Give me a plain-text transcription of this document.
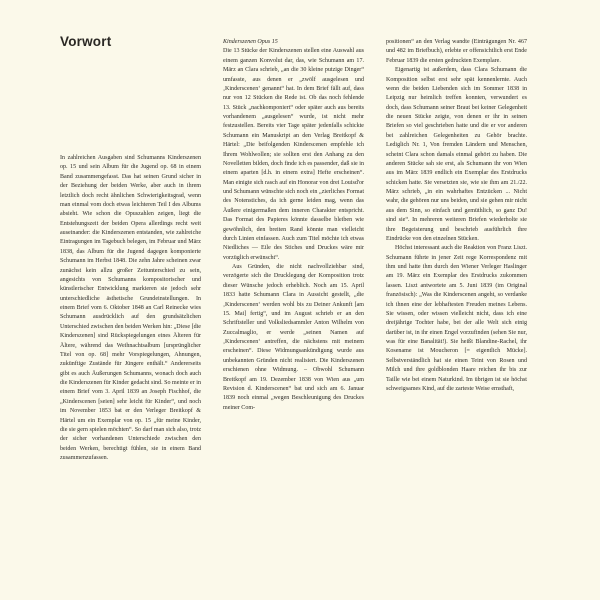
Vorwort

In zahlreichen Ausgaben sind Schumanns Kinderszenen op. 15 und sein Album für die Jugend op. 68 in einem Band zusammengefasst. Das hat seinen Grund sicher in der Beziehung der beiden Werke, aber auch in ihrem letztlich doch recht ähnlichen Schwierigkeitsgrad, wenn man einmal vom doch etwas leichteren Teil I des Albums absieht. Wie schon die Opuszahlen zeigen, liegt die Entstehungszeit der beiden Opera allerdings recht weit auseinander: die Kinderszenen entstanden, wie zahlreiche Eintragungen im Tagebuch belegen, im Februar und März 1838, das Album für die Jugend dagegen komponierte Schumann im Herbst 1848. Die zehn Jahre scheinen zwar zunächst kein allzu großer Zeitunterschied zu sein, angesichts von Schumanns kompositorischer und künstlerischer Entwicklung markieren sie jedoch sehr unterschiedliche ästhetische Grundeinstellungen. In einem Brief vom 6. Oktober 1848 an Carl Reinecke wies Schumann ausdrücklich auf den grundsätzlichen Unterschied zwischen den beiden Werken hin: „Diese [die Kinderszenen] sind Rückspiegelungen eines Älteren für Ältere, während das Weihnachtsalbum [ursprünglicher Titel von op. 68] mehr Vorspiegelungen, Ahnungen, zukünftige Zustände für Jüngere enthält.“ Andererseits gibt es auch Äußerungen Schumanns, wonach doch auch die Kinderszenen für Kinder gedacht sind. So meinte er in einem Brief vom 3. April 1839 an Joseph Fischhof, die „Kinderscenen [seien] sehr leicht für Kinder“, und noch im November 1853 bat er den Verleger Breitkopf & Härtel um ein Exemplar von op. 15 „für meine Kinder, die sie gern spielen möchten“. So darf man sich also, trotz der sicher vorhandenen Unterschiede zwischen den beiden Werken, berechtigt fühlen, sie in einem Band zusammenzufassen.

Kinderszenen Opus 15

Die 13 Stücke der Kinderszenen stellen eine Auswahl aus einem ganzen Konvolut dar, das, wie Schumann am 17. März an Clara schrieb, „an die 30 kleine putzige Dinger“ umfasste, aus denen er „zwölf ausgelesen und ‚Kinderscenen‘ genannt“ hat. In dem Brief fällt auf, dass nur von 12 Stücken die Rede ist. Ob das noch fehlende 13. Stück „nachkomponiert“ oder später auch aus bereits vorhandenem „ausgelesen“ wurde, ist nicht mehr festzustellen. Bereits vier Tage später jedenfalls schickte Schumann ein Manuskript an den Verlag Breitkopf & Härtel: „Die beifolgenden Kinderscenen empfehle ich Ihrem Wohlwollen; sie sollten erst den Anhang zu den Novelletten bilden, doch finde ich es passender, daß sie in einem aparten [d.h. in einem extra] Hefte erscheinen“. Man einigte sich rasch auf ein Honorar von drei Louisd'or und Schumann wünschte sich noch ein „zierliches Format des Notenstiches, da ich gerne leiden mag, wenn das Äußere einigermaßen dem inneren Charakter entspricht. Das Format des Papieres könnte dasselbe bleiben wie gewöhnlich, den breiten Rand könnte man vielleicht durch Linien einfassen. Auch zum Titel möchte ich etwas Niedliches — Eile des Stiches und Druckes wäre mir vorzüglich erwünscht“.

Aus Gründen, die nicht nachvollziehbar sind, verzögerte sich die Drucklegung der Komposition trotz dieser Wünsche jedoch erheblich. Noch am 15. April 1833 hatte Schumann Clara in Aussicht gestellt, „die ‚Kinderscenen‘ werden wohl bis zu Deiner Ankunft [am 15. Mai] fertig“, und im August schrieb er an den Schriftsteller und Volksliedsammler Anton Wilhelm von Zuccalmaglio, er werde „seinen Namen auf ‚Kinderscenen‘ antreffen, die nächstens mit meinem erscheinen“. Diese Widmungsankündigung wurde aus unbekannten Gründen nicht realisiert. Die Kinderszenen erschienen ohne Widmung. – Obwohl Schumann Breitkopf am 19. Dezember 1838 von Wien aus „um Revision d. Kinderscenen“ bat und sich am 6. Januar 1839 noch einmal „wegen Beschleunigung des Druckes meiner Com-

positionen“ an den Verlag wandte (Einträgungen Nr. 467 und 482 im Briefbuch), erlebte er offensichtlich erst Ende Februar 1839 die ersten gedruckten Exemplare.

Eigenartig ist außerdem, dass Clara Schumann die Komposition selbst erst sehr spät kennenlernte. Auch wenn die beiden Liebenden sich im Sommer 1838 in Leipzig nur heimlich treffen konnten, verwundert es doch, dass Schumann seiner Braut bei keiner Gelegenheit die neuen Stücke zeigte, von denen er ihr in seinen Briefen so viel geschrieben hatte und die er vor anderen bei zahlreichen Gelegenheiten zu Gehör brachte. Lediglich Nr. 1, Von fremden Ländern und Menschen, scheint Clara schon damals einmal gehört zu haben. Die anderen Stücke sah sie erst, als Schumann ihr von Wien aus im März 1839 endlich ein Exemplar des Erstdrucks schicken hatte. Sie versetzten sie, wie sie ihm am 21./22. März schrieb, „in ein wahrhaftes Entzücken ... Nicht wahr, die gehören nur uns beiden, und sie gehen mir nicht aus dem Sinn, so einfach und gemüthlich, so ganz Du! sind sie“. In mehreren weiteren Briefen wiederholte sie ihre Begeisterung und beschrieb ausführlich ihre Eindrücke von den einzelnen Stücken.

Höchst interessant auch die Reaktion von Franz Liszt. Schumann führte in jener Zeit rege Korrespondenz mit ihm und hatte ihm durch den Wiener Verleger Haslinger am 19. März ein Exemplar des Erstdrucks zukommen lassen. Liszt antwortete am 5. Juni 1839 (im Original französisch): „Was die Kinderscenen angeht, so verdanke ich ihnen eine der lebhaftesten Freuden meines Lebens. Sie wissen, oder wissen vielleicht nicht, dass ich eine dreijährige Tochter habe, bei der alle Welt sich einig darüber ist, in ihr einen Engel vorzufinden (sehen Sie nur, was für eine Banalität!). Sie heißt Blandine-Rachel, ihr Kosename ist Moucheron [= eigentlich Mücke]. Selbstverständlich hat sie einen Teint von Rosen und Milch und ihre goldblonden Haare reichen ihr bis zur Taille wie bei einem Naturkind. Im übrigen ist sie höchst schweigsames Kind, auf die zarteste Weise ernsthaft,
